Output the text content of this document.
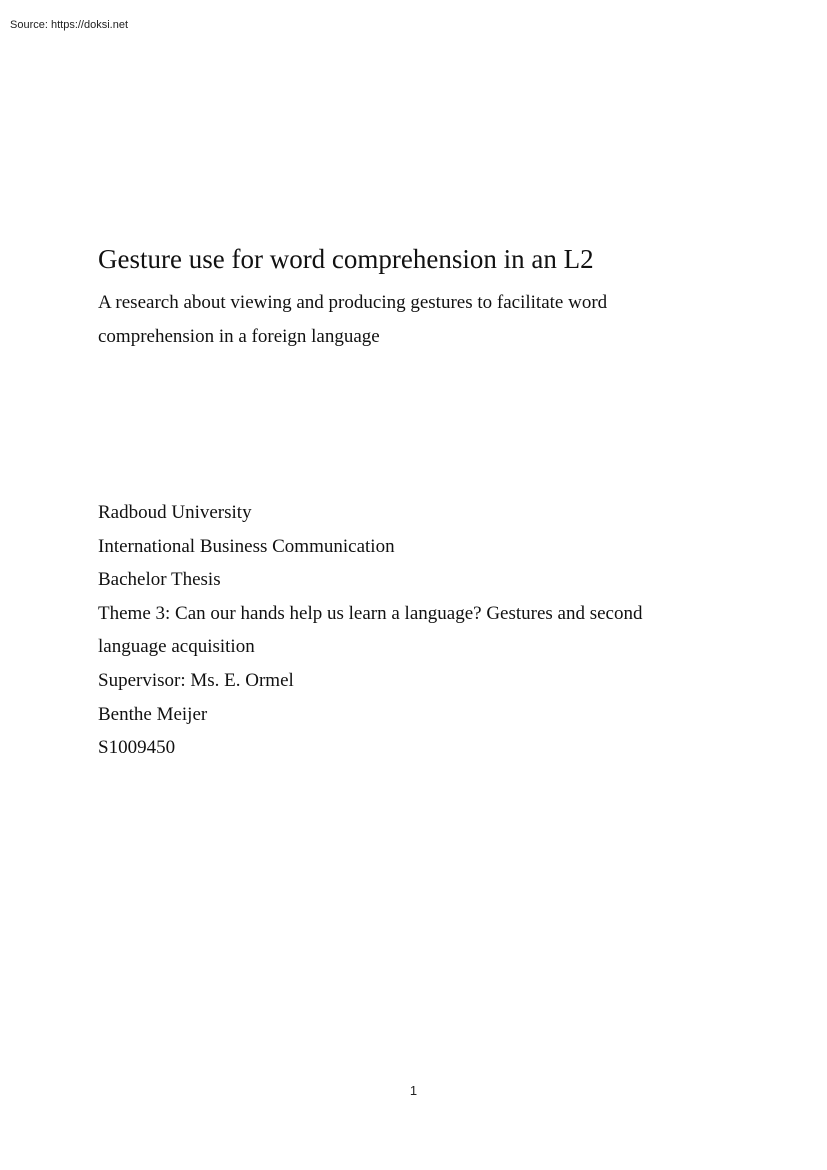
Source: https://doksi.net
Gesture use for word comprehension in an L2

A research about viewing and producing gestures to facilitate word comprehension in a foreign language

Radboud University
International Business Communication
Bachelor Thesis
Theme 3: Can our hands help us learn a language? Gestures and second language acquisition
Supervisor: Ms. E. Ormel
Benthe Meijer
S1009450
1
